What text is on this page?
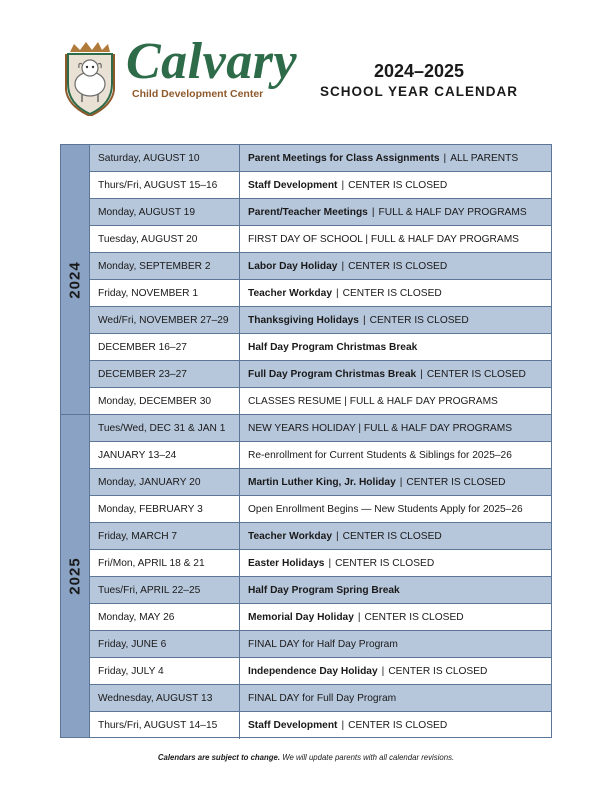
Calvary
Child Development Center
2024–2025
SCHOOL YEAR CALENDAR
2024
2025
Saturday, AUGUST 10	Parent Meetings for Class Assignments | ALL PARENTS
Thurs/Fri, AUGUST 15–16	Staff Development | CENTER IS CLOSED
Monday, AUGUST 19	Parent/Teacher Meetings | FULL & HALF DAY PROGRAMS
Tuesday, AUGUST 20	FIRST DAY OF SCHOOL | FULL & HALF DAY PROGRAMS
Monday, SEPTEMBER 2	Labor Day Holiday | CENTER IS CLOSED
Friday, NOVEMBER 1	Teacher Workday | CENTER IS CLOSED
Wed/Fri, NOVEMBER 27–29	Thanksgiving Holidays | CENTER IS CLOSED
DECEMBER 16–27	Half Day Program Christmas Break
DECEMBER 23–27	Full Day Program Christmas Break | CENTER IS CLOSED
Monday, DECEMBER 30	CLASSES RESUME | FULL & HALF DAY PROGRAMS
Tues/Wed, DEC 31 & JAN 1	NEW YEARS HOLIDAY | FULL & HALF DAY PROGRAMS
JANUARY 13–24	Re-enrollment for Current Students & Siblings for 2025–26
Monday, JANUARY 20	Martin Luther King, Jr. Holiday | CENTER IS CLOSED
Monday, FEBRUARY 3	Open Enrollment Begins — New Students Apply for 2025–26
Friday, MARCH 7	Teacher Workday | CENTER IS CLOSED
Fri/Mon, APRIL 18 & 21	Easter Holidays | CENTER IS CLOSED
Tues/Fri, APRIL 22–25	Half Day Program Spring Break
Monday, MAY 26	Memorial Day Holiday | CENTER IS CLOSED
Friday, JUNE 6	FINAL DAY for Half Day Program
Friday, JULY 4	Independence Day Holiday | CENTER IS CLOSED
Wednesday, AUGUST 13	FINAL DAY for Full Day Program
Thurs/Fri, AUGUST 14–15	Staff Development | CENTER IS CLOSED
Calendars are subject to change. We will update parents with all calendar revisions.
